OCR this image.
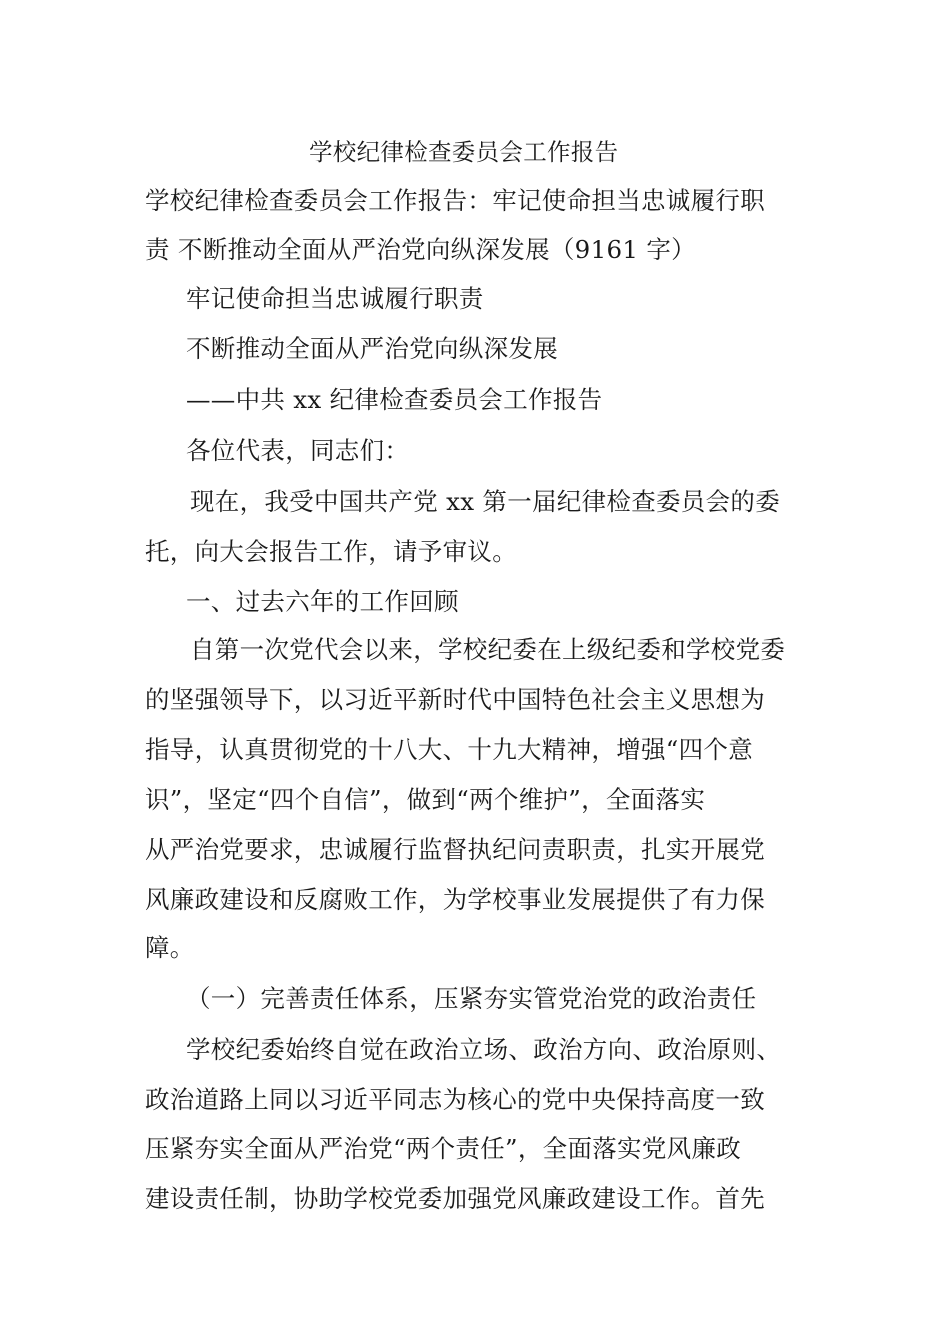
学校纪律检查委员会工作报告
学校纪律检查委员会工作报告：牢记使命担当忠诚履行职
责 不断推动全面从严治党向纵深发展（9161 字）
牢记使命担当忠诚履行职责
不断推动全面从严治党向纵深发展
——中共 xx 纪律检查委员会工作报告
各位代表，同志们：
现在，我受中国共产党 xx 第一届纪律检查委员会的委
托，向大会报告工作，请予审议。
一、过去六年的工作回顾
自第一次党代会以来，学校纪委在上级纪委和学校党委
的坚强领导下，以习近平新时代中国特色社会主义思想为
指导，认真贯彻党的十八大、十九大精神，增强“四个意
识”，坚定“四个自信”，做到“两个维护”，全面落实
从严治党要求，忠诚履行监督执纪问责职责，扎实开展党
风廉政建设和反腐败工作，为学校事业发展提供了有力保
障。
（一）完善责任体系，压紧夯实管党治党的政治责任
学校纪委始终自觉在政治立场、政治方向、政治原则、
政治道路上同以习近平同志为核心的党中央保持高度一致
压紧夯实全面从严治党“两个责任”，全面落实党风廉政
建设责任制，协助学校党委加强党风廉政建设工作。首先
